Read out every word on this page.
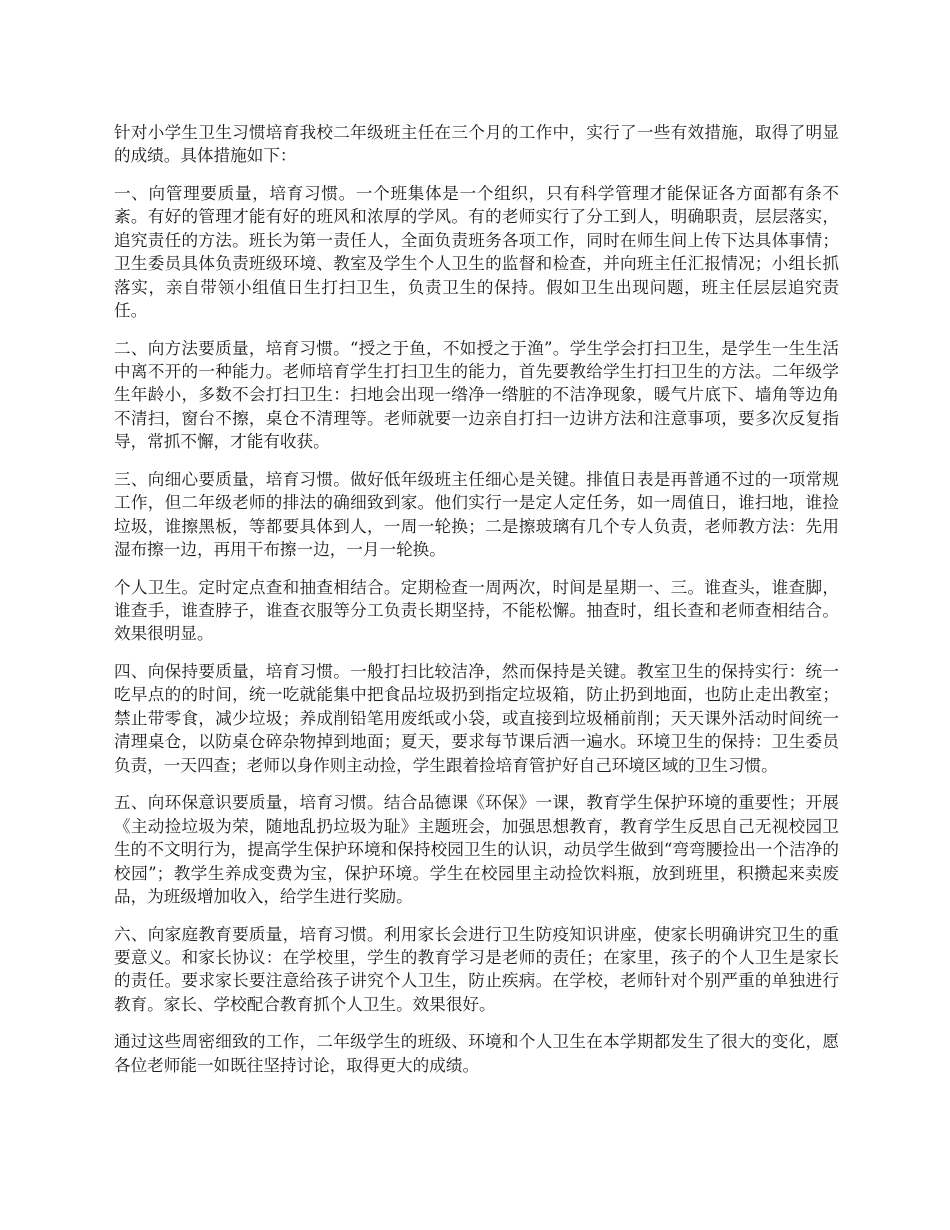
针对小学生卫生习惯培育我校二年级班主任在三个月的工作中，实行了一些有效措施，取得了明显的成绩。具体措施如下：

一、向管理要质量，培育习惯。一个班集体是一个组织，只有科学管理才能保证各方面都有条不紊。有好的管理才能有好的班风和浓厚的学风。有的老师实行了分工到人，明确职责，层层落实，追究责任的方法。班长为第一责任人，全面负责班务各项工作，同时在师生间上传下达具体事情；卫生委员具体负责班级环境、教室及学生个人卫生的监督和检查，并向班主任汇报情况；小组长抓落实，亲自带领小组值日生打扫卫生，负责卫生的保持。假如卫生出现问题，班主任层层追究责任。

二、向方法要质量，培育习惯。“授之于鱼，不如授之于渔”。学生学会打扫卫生，是学生一生生活中离不开的一种能力。老师培育学生打扫卫生的能力，首先要教给学生打扫卫生的方法。二年级学生年龄小，多数不会打扫卫生：扫地会出现一绺净一绺脏的不洁净现象，暖气片底下、墙角等边角不清扫，窗台不擦，桌仓不清理等。老师就要一边亲自打扫一边讲方法和注意事项，要多次反复指导，常抓不懈，才能有收获。

三、向细心要质量，培育习惯。做好低年级班主任细心是关键。排值日表是再普通不过的一项常规工作，但二年级老师的排法的确细致到家。他们实行一是定人定任务，如一周值日，谁扫地，谁捡垃圾，谁擦黑板，等都要具体到人，一周一轮换；二是擦玻璃有几个专人负责，老师教方法：先用湿布擦一边，再用干布擦一边，一月一轮换。

个人卫生。定时定点查和抽查相结合。定期检查一周两次，时间是星期一、三。谁查头，谁查脚，谁查手，谁查脖子，谁查衣服等分工负责长期坚持，不能松懈。抽查时，组长查和老师查相结合。效果很明显。

四、向保持要质量，培育习惯。一般打扫比较洁净，然而保持是关键。教室卫生的保持实行：统一吃早点的的时间，统一吃就能集中把食品垃圾扔到指定垃圾箱，防止扔到地面，也防止走出教室；禁止带零食，减少垃圾；养成削铅笔用废纸或小袋，或直接到垃圾桶前削；天天课外活动时间统一清理桌仓，以防桌仓碎杂物掉到地面；夏天，要求每节课后洒一遍水。环境卫生的保持：卫生委员负责，一天四查；老师以身作则主动捡，学生跟着捡培育管护好自己环境区域的卫生习惯。

五、向环保意识要质量，培育习惯。结合品德课《环保》一课，教育学生保护环境的重要性；开展《主动捡垃圾为荣，随地乱扔垃圾为耻》主题班会，加强思想教育，教育学生反思自己无视校园卫生的不文明行为，提高学生保护环境和保持校园卫生的认识，动员学生做到“弯弯腰捡出一个洁净的校园”；教学生养成变费为宝，保护环境。学生在校园里主动捡饮料瓶，放到班里，积攒起来卖废品，为班级增加收入，给学生进行奖励。

六、向家庭教育要质量，培育习惯。利用家长会进行卫生防疫知识讲座，使家长明确讲究卫生的重要意义。和家长协议：在学校里，学生的教育学习是老师的责任；在家里，孩子的个人卫生是家长的责任。要求家长要注意给孩子讲究个人卫生，防止疾病。在学校，老师针对个别严重的单独进行教育。家长、学校配合教育抓个人卫生。效果很好。

通过这些周密细致的工作，二年级学生的班级、环境和个人卫生在本学期都发生了很大的变化，愿各位老师能一如既往坚持讨论，取得更大的成绩。
